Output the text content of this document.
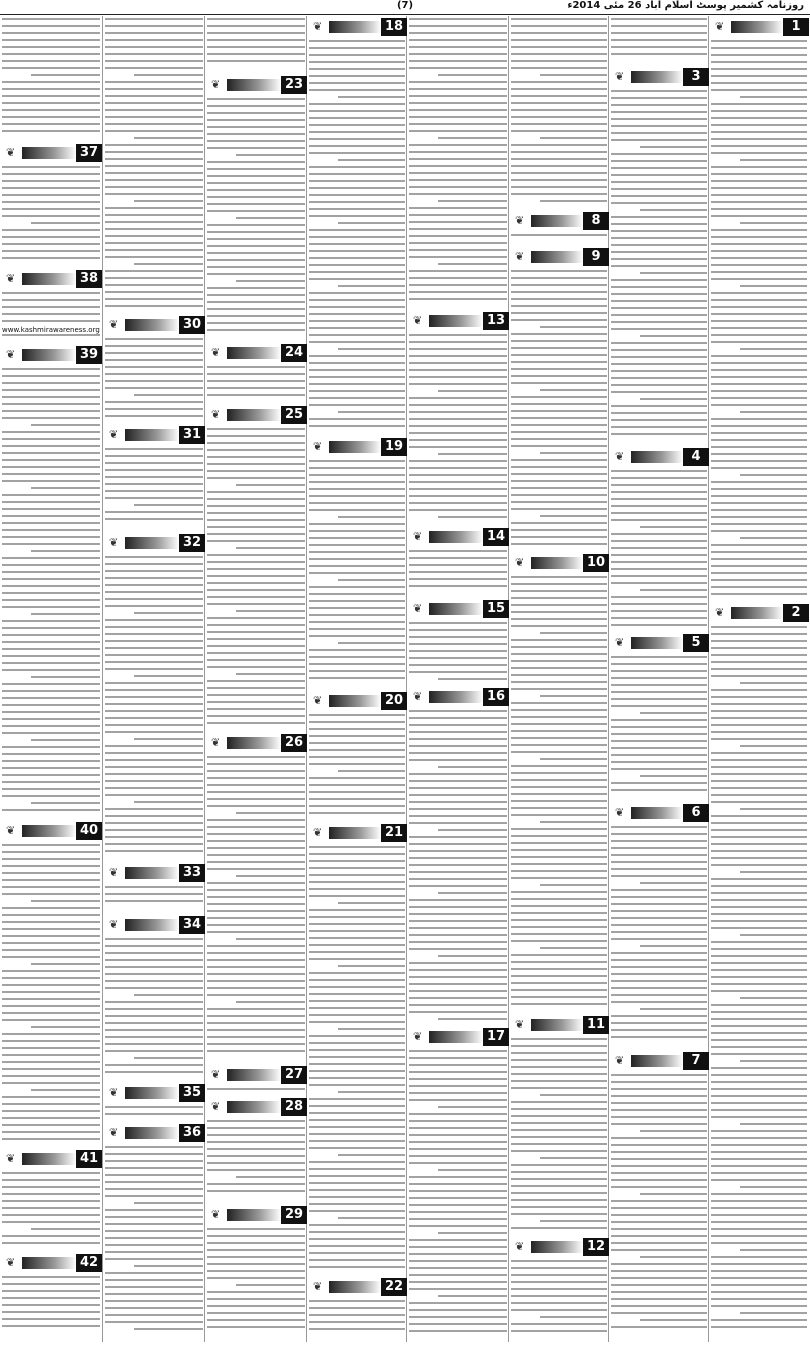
(7)	روزنامہ کشمیر پوسٹ اسلام آباد 26 مئی 2014ء
1
❦
2
❦
3
❦
4
❦
5
❦
6
❦
7
❦
8
❦
9
❦
10
❦
11
❦
12
❦
13
❦
14
❦
15
❦
16
❦
17
❦
18
❦
19
❦
20
❦
21
❦
22
❦
23
❦
24
❦
25
❦
26
❦
27
❦
28
❦
29
❦
30
❦
31
❦
32
❦
33
❦
34
❦
35
❦
36
❦
37
❦
38
❦
39
❦
40
❦
41
❦
42
❦
www.kashmirawareness.org
